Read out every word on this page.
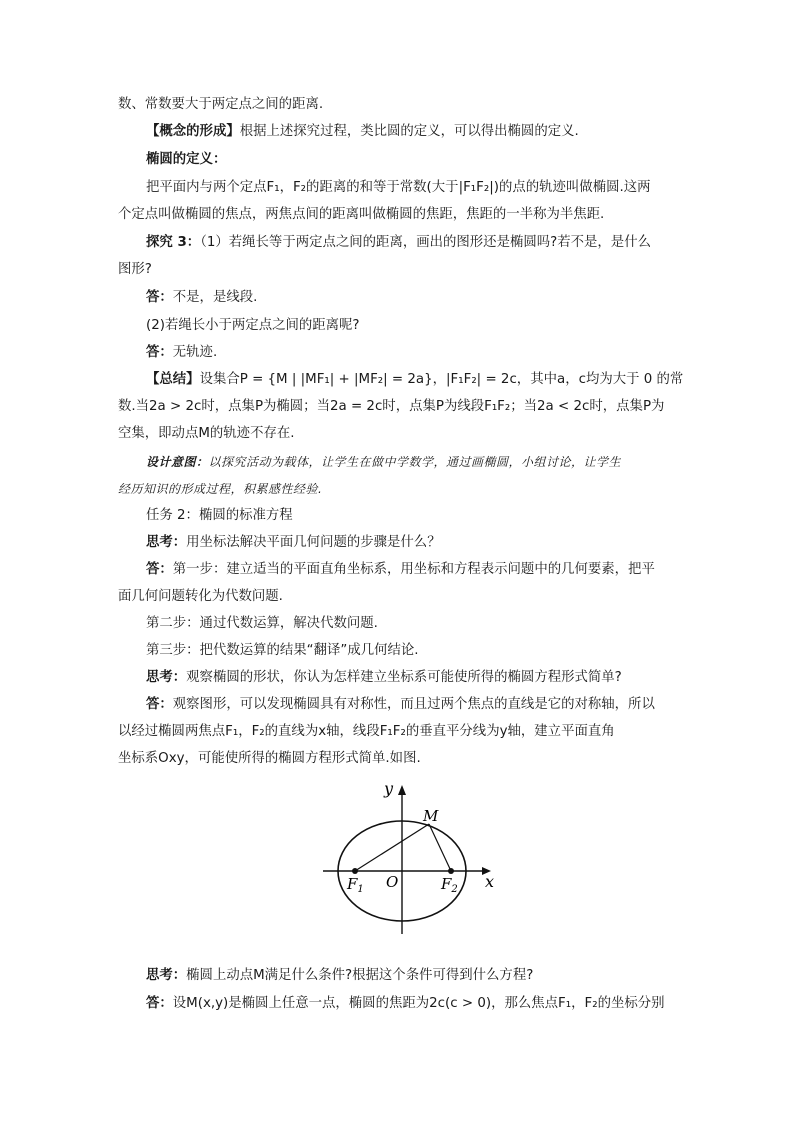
数、常数要大于两定点之间的距离.
【概念的形成】根据上述探究过程，类比圆的定义，可以得出椭圆的定义.
椭圆的定义：
把平面内与两个定点F₁，F₂的距离的和等于常数(大于|F₁F₂|)的点的轨迹叫做椭圆.这两
个定点叫做椭圆的焦点，两焦点间的距离叫做椭圆的焦距，焦距的一半称为半焦距.
探究 3：（1）若绳长等于两定点之间的距离，画出的图形还是椭圆吗?若不是，是什么
图形?
答：不是，是线段.
(2)若绳长小于两定点之间的距离呢?
答：无轨迹.
【总结】设集合P = {M | |MF₁| + |MF₂| = 2a}，|F₁F₂| = 2c，其中a，c均为大于 0 的常
数.当2a > 2c时，点集P为椭圆；当2a = 2c时，点集P为线段F₁F₂；当2a < 2c时，点集P为
空集，即动点M的轨迹不存在.
设计意图：以探究活动为载体，让学生在做中学数学，通过画椭圆，小组讨论，让学生
经历知识的形成过程，积累感性经验.
任务 2：椭圆的标准方程
思考：用坐标法解决平面几何问题的步骤是什么？
答：第一步：建立适当的平面直角坐标系，用坐标和方程表示问题中的几何要素，把平
面几何问题转化为代数问题.
第二步：通过代数运算，解决代数问题.
第三步：把代数运算的结果“翻译”成几何结论.
思考：观察椭圆的形状，你认为怎样建立坐标系可能使所得的椭圆方程形式简单?
答：观察图形，可以发现椭圆具有对称性，而且过两个焦点的直线是它的对称轴，所以
以经过椭圆两焦点F₁，F₂的直线为x轴，线段F₁F₂的垂直平分线为y轴，建立平面直角
坐标系Oxy，可能使所得的椭圆方程形式简单.如图.
y
x
O
M
$F_1$	$F_2$
思考：椭圆上动点M满足什么条件?根据这个条件可得到什么方程?
答：设M(x,y)是椭圆上任意一点，椭圆的焦距为2c(c > 0)，那么焦点F₁，F₂的坐标分别
